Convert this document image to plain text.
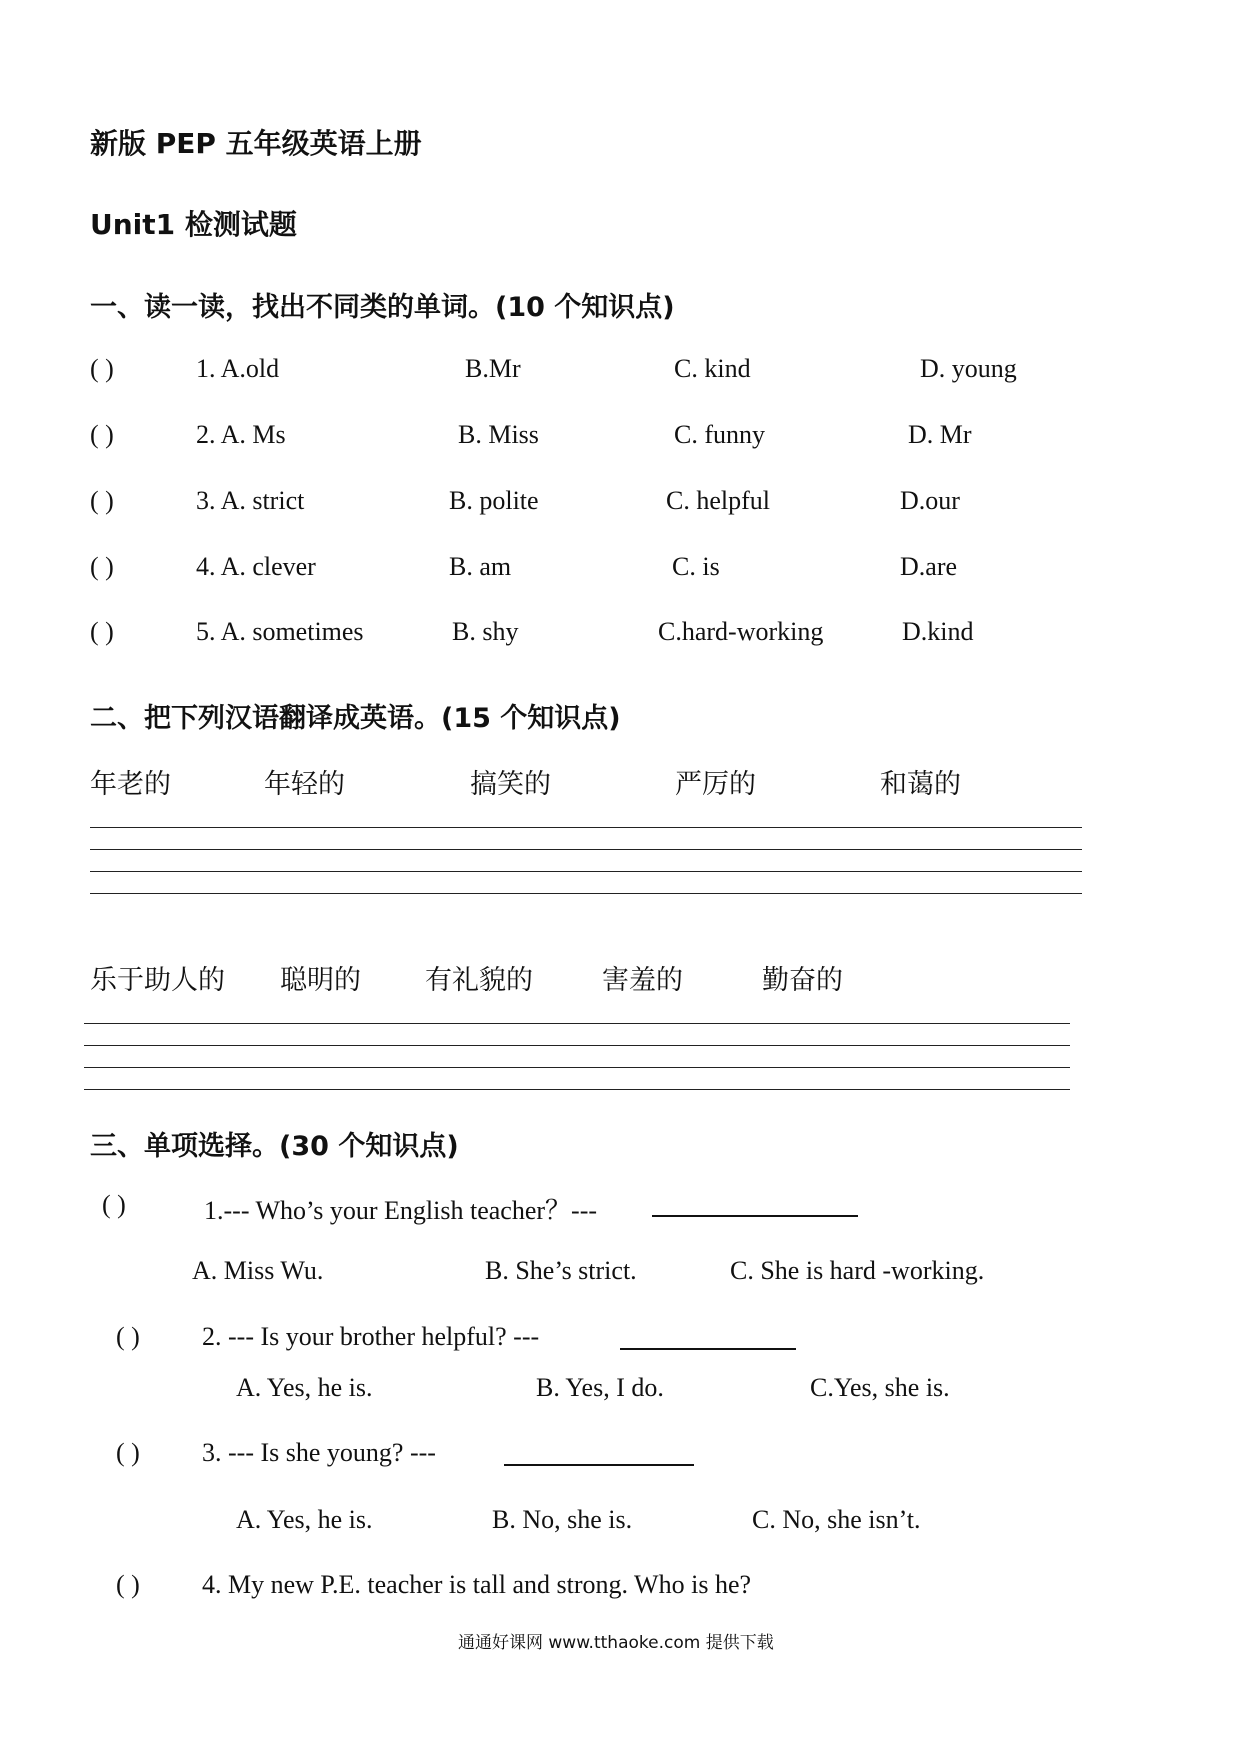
新版 PEP 五年级英语上册
Unit1 检测试题
一、读一读，找出不同类的单词。(10 个知识点)
( )	1. A.old	B.Mr	C. kind	D. young
( )	2. A. Ms	B. Miss	C. funny	D. Mr
( )	3. A. strict	B. polite	C. helpful	D.our
( )	4. A. clever	B. am	C. is	D.are
( )	5. A. sometimes	B. shy	C.hard-working	D.kind
二、把下列汉语翻译成英语。(15 个知识点)
年老的	年轻的	搞笑的	严厉的	和蔼的
乐于助人的 聪明的 有礼貌的	害羞的	勤奋的
三、单项选择。(30 个知识点)
( )	1.--- Who’s your English teacher？---
A. Miss Wu.	B. She’s strict.	C. She is hard -working.
( ) 2. --- Is your brother helpful? ---
A. Yes, he is.	B. Yes, I do.	C.Yes, she is.
( ) 3. --- Is she young? ---
A. Yes, he is.	B. No, she is.	C. No, she isn’t.
( ) 4. My new P.E. teacher is tall and strong. Who is he?
通通好课网 www.tthaoke.com 提供下载
